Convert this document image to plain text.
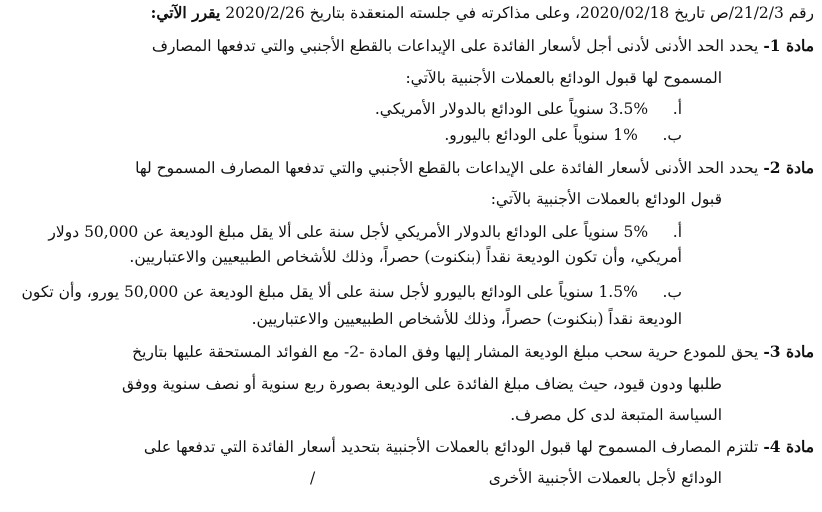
رقم 21/2/3/ص تاريخ 2020/02/18، وعلى مذاكرته في جلسته المنعقدة بتاريخ 2020/2/26 يقرر الآتي:
مادة 1- يحدد الحد الأدنى لأدنى أجل لأسعار الفائدة على الإيداعات بالقطع الأجنبي والتي تدفعها المصارف
المسموح لها قبول الودائع بالعملات الأجنبية بالآتي:
أ.     3.5% سنوياً على الودائع بالدولار الأمريكي.
ب.     1% سنوياً على الودائع باليورو.
مادة 2- يحدد الحد الأدنى لأسعار الفائدة على الإيداعات بالقطع الأجنبي والتي تدفعها المصارف المسموح لها
قبول الودائع بالعملات الأجنبية بالآتي:
أ.     5% سنوياً على الودائع بالدولار الأمريكي لأجل سنة على ألا يقل مبلغ الوديعة عن 50,000 دولار
أمريكي، وأن تكون الوديعة نقداً (بنكنوت) حصراً، وذلك للأشخاص الطبيعيين والاعتباريين.
ب.     1.5% سنوياً على الودائع باليورو لأجل سنة على ألا يقل مبلغ الوديعة عن 50,000 يورو، وأن تكون
الوديعة نقداً (بنكنوت) حصراً، وذلك للأشخاص الطبيعيين والاعتباريين.
مادة 3- يحق للمودع حرية سحب مبلغ الوديعة المشار إليها وفق المادة -2- مع الفوائد المستحقة عليها بتاريخ
طلبها ودون قيود، حيث يضاف مبلغ الفائدة على الوديعة بصورة ربع سنوية أو نصف سنوية ووفق
السياسة المتبعة لدى كل مصرف.
مادة 4- تلتزم المصارف المسموح لها قبول الودائع بالعملات الأجنبية بتحديد أسعار الفائدة التي تدفعها على
الودائع لأجل بالعملات الأجنبية الأخرى
/
